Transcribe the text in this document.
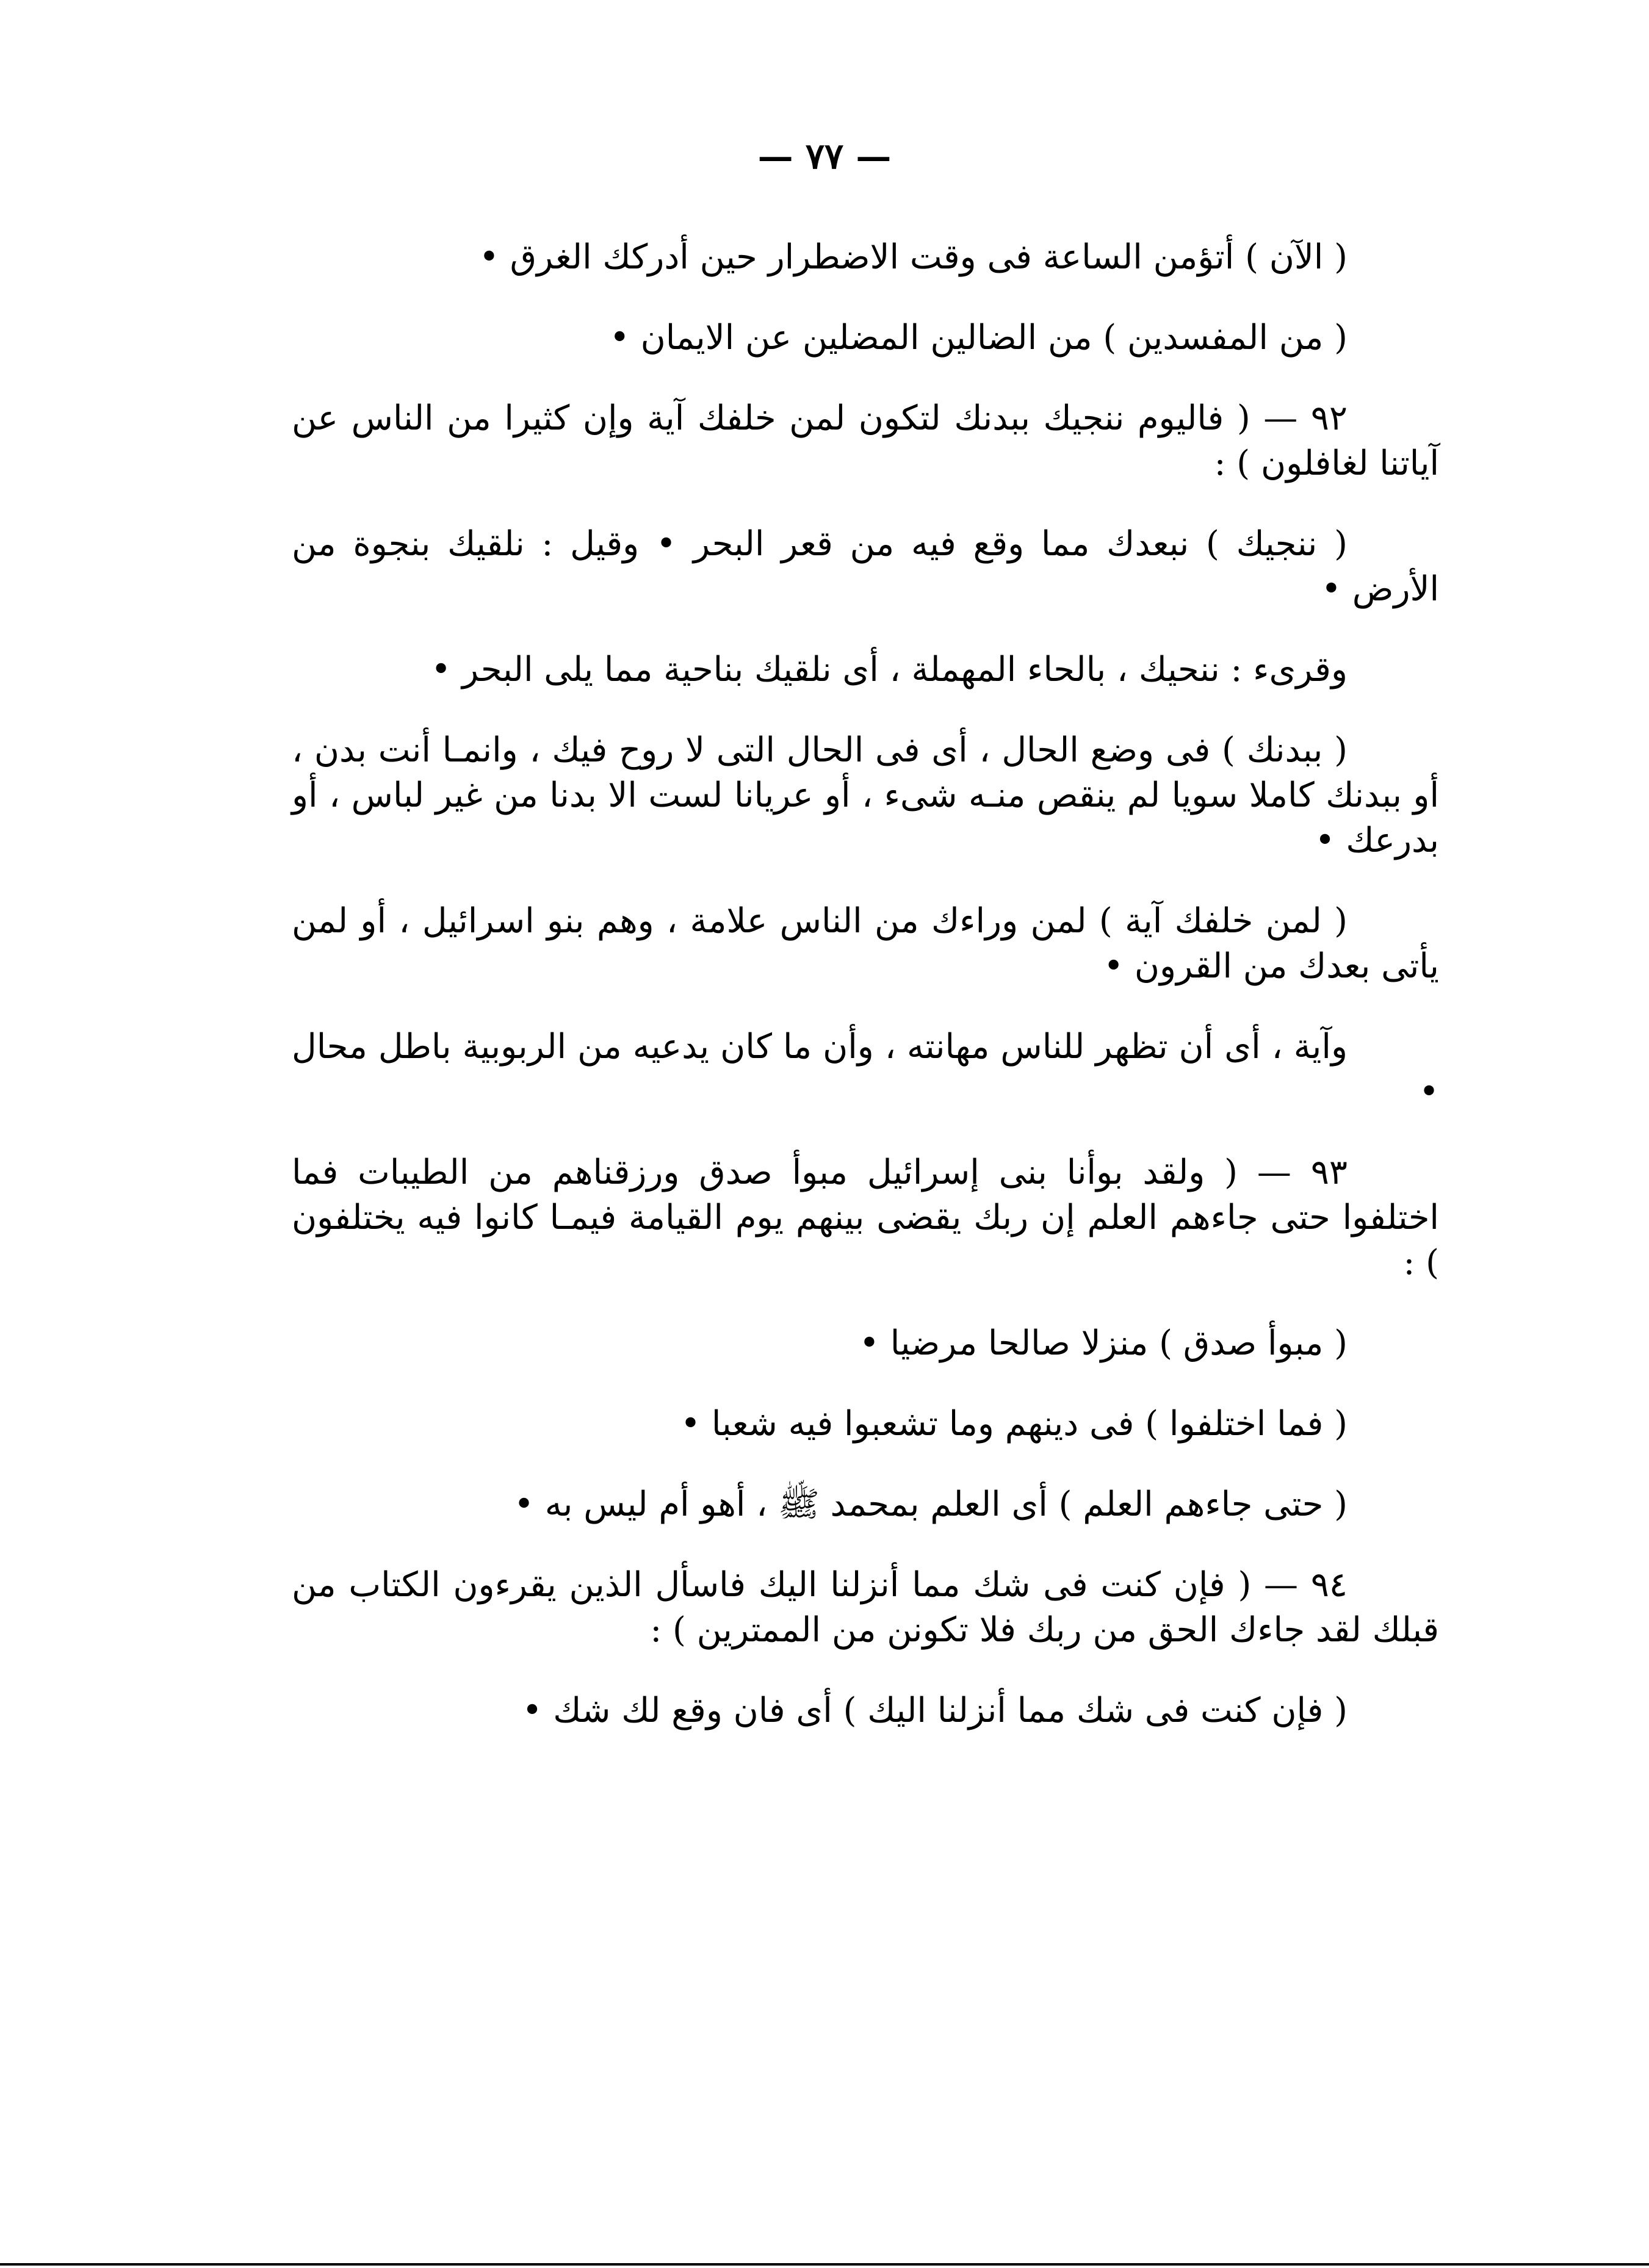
— ٧٧ —

( الآن ) أتؤمن الساعة فى وقت الاضطرار حين أدركك الغرق •

( من المفسدين ) من الضالين المضلين عن الايمان •

٩٢ — ( فاليوم ننجيك ببدنك لتكون لمن خلفك آية وإن كثيرا من الناس عن آياتنا لغافلون ) :

( ننجيك ) نبعدك مما وقع فيه من قعر البحر • وقيل : نلقيك بنجوة من الأرض •

وقرىء : ننحيك ، بالحاء المهملة ، أى نلقيك بناحية مما يلى البحر •

( ببدنك ) فى وضع الحال ، أى فى الحال التى لا روح فيك ، وانمـا أنت بدن ، أو ببدنك كاملا سويا لم ينقص منـه شىء ، أو عريانا لست الا بدنا من غير لباس ، أو بدرعك •

( لمن خلفك آية ) لمن وراءك من الناس علامة ، وهم بنو اسرائيل ، أو لمن يأتى بعدك من القرون •

وآية ، أى أن تظهر للناس مهانته ، وأن ما كان يدعيه من الربوبية باطل محال •

٩٣ — ( ولقد بوأنا بنى إسرائيل مبوأ صدق ورزقناهم من الطيبات فما اختلفوا حتى جاءهم العلم إن ربك يقضى بينهم يوم القيامة فيمـا كانوا فيه يختلفون ) :

( مبوأ صدق ) منزلا صالحا مرضيا •

( فما اختلفوا ) فى دينهم وما تشعبوا فيه شعبا •

( حتى جاءهم العلم ) أى العلم بمحمد ﷺ ، أهو أم ليس به •

٩٤ — ( فإن كنت فى شك مما أنزلنا اليك فاسأل الذين يقرءون الكتاب من قبلك لقد جاءك الحق من ربك فلا تكونن من الممترين ) :

( فإن كنت فى شك مما أنزلنا اليك ) أى فان وقع لك شك •
